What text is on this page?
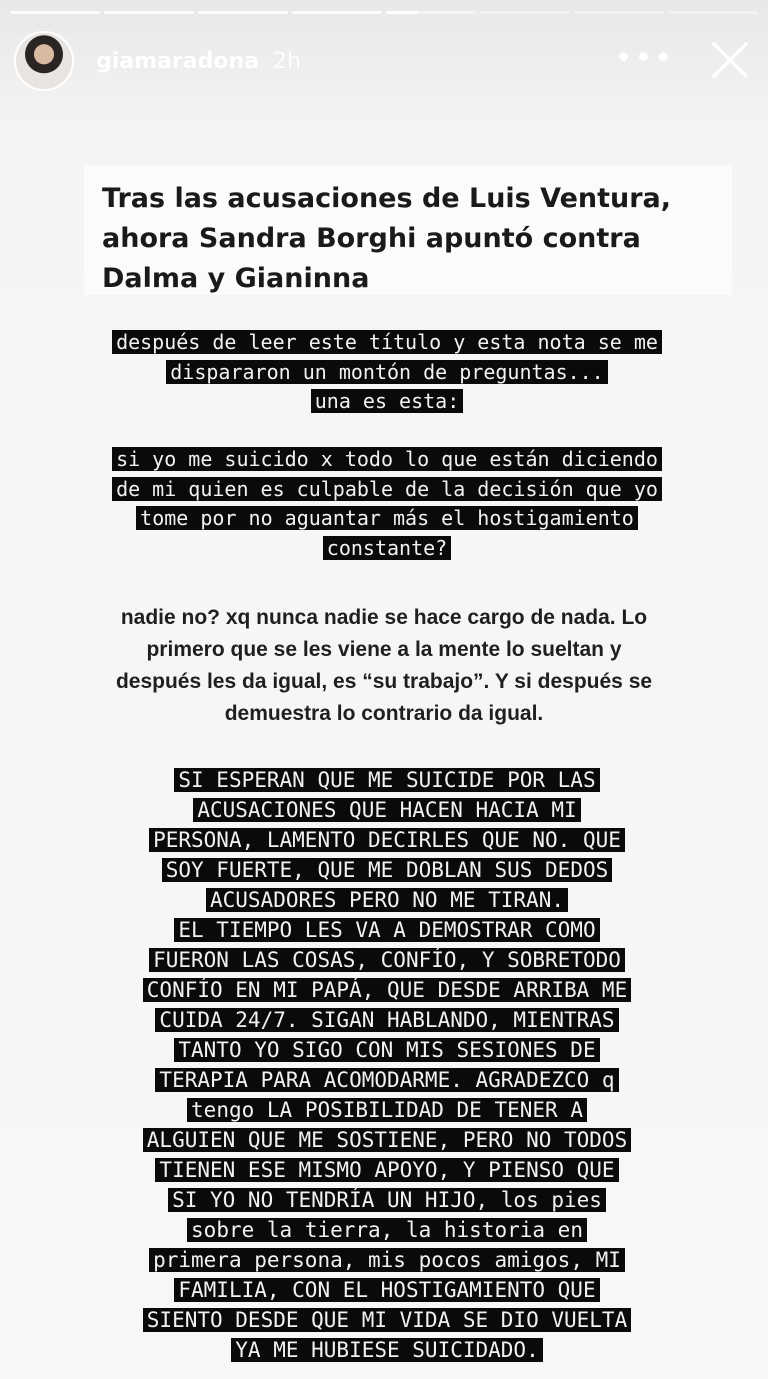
giamaradona 2h	•••
Tras las acusaciones de Luis Ventura,
ahora Sandra Borghi apuntó contra
Dalma y Gianinna
después de leer este título y esta nota se me
dispararon un montón de preguntas...
una es esta:
si yo me suicido x todo lo que están diciendo
de mi quien es culpable de la decisión que yo
tome por no aguantar más el hostigamiento
constante?
nadie no? xq nunca nadie se hace cargo de nada. Lo
primero que se les viene a la mente lo sueltan y
después les da igual, es “su trabajo”. Y si después se
demuestra lo contrario da igual.
SI ESPERAN QUE ME SUICIDE POR LAS
ACUSACIONES QUE HACEN HACIA MI
PERSONA, LAMENTO DECIRLES QUE NO. QUE
SOY FUERTE, QUE ME DOBLAN SUS DEDOS
ACUSADORES PERO NO ME TIRAN.
EL TIEMPO LES VA A DEMOSTRAR COMO
FUERON LAS COSAS, CONFÍO, Y SOBRETODO
CONFÍO EN MI PAPÁ, QUE DESDE ARRIBA ME
CUIDA 24/7. SIGAN HABLANDO, MIENTRAS
TANTO YO SIGO CON MIS SESIONES DE
TERAPIA PARA ACOMODARME. AGRADEZCO q
tengo LA POSIBILIDAD DE TENER A
ALGUIEN QUE ME SOSTIENE, PERO NO TODOS
TIENEN ESE MISMO APOYO, Y PIENSO QUE
SI YO NO TENDRÍA UN HIJO, los pies
sobre la tierra, la historia en
primera persona, mis pocos amigos, MI
FAMILIA, CON EL HOSTIGAMIENTO QUE
SIENTO DESDE QUE MI VIDA SE DIO VUELTA
YA ME HUBIESE SUICIDADO.
